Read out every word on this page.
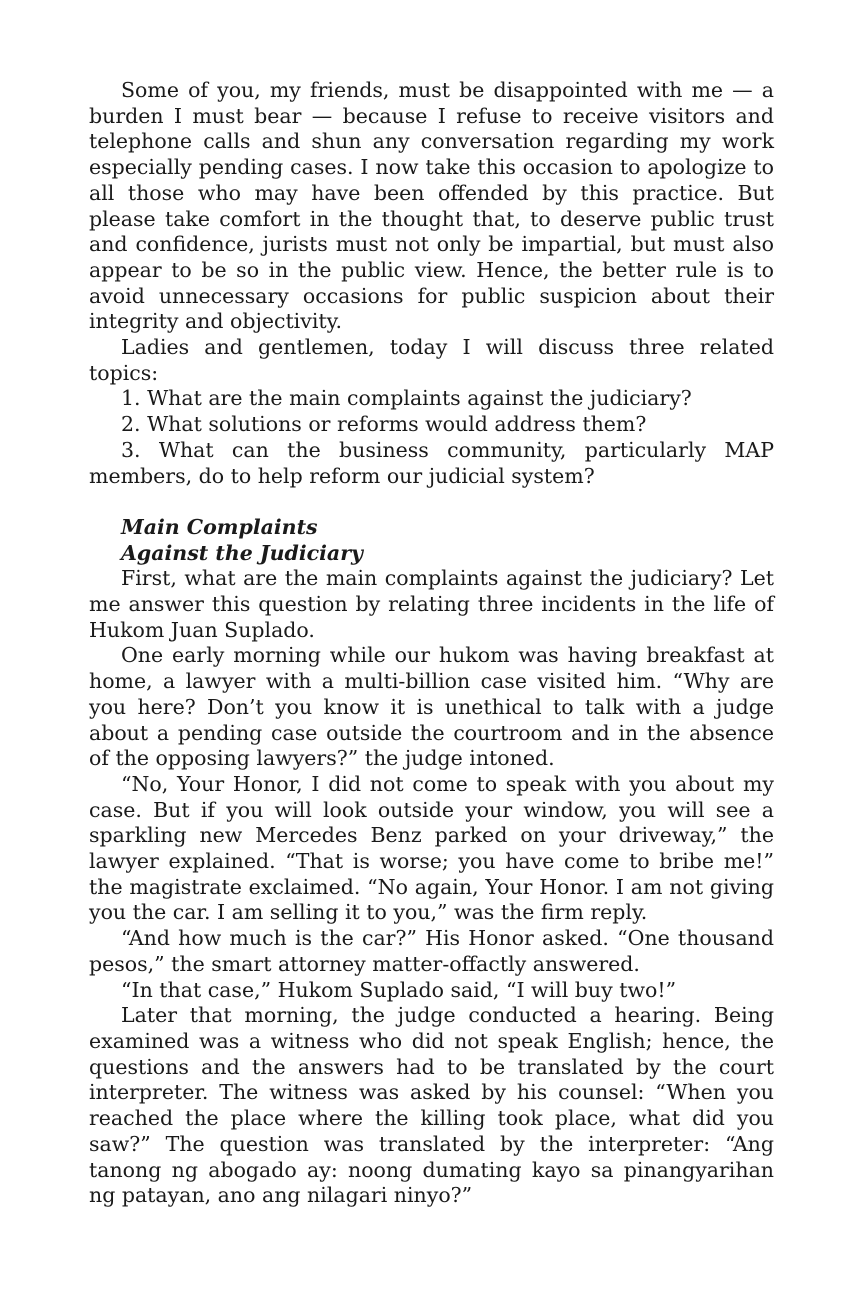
Some of you, my friends, must be disappointed with me — a burden I must bear — because I refuse to receive visitors and telephone calls and shun any conversation regarding my work especially pending cases. I now take this occasion to apologize to all those who may have been offended by this practice. But please take comfort in the thought that, to deserve public trust and confidence, jurists must not only be impartial, but must also appear to be so in the public view. Hence, the better rule is to avoid unnecessary occasions for public suspicion about their integrity and objectivity.

Ladies and gentlemen, today I will discuss three related topics:

1. What are the main complaints against the judiciary?

2. What solutions or reforms would address them?

3. What can the business community, particularly MAP members, do to help reform our judicial system?

Main Complaints
Against the Judiciary

First, what are the main complaints against the judiciary? Let me answer this question by relating three incidents in the life of Hukom Juan Suplado.

One early morning while our hukom was having breakfast at home, a lawyer with a multi-billion case visited him. “Why are you here? Don’t you know it is unethical to talk with a judge about a pending case outside the courtroom and in the absence of the opposing lawyers?” the judge intoned.

“No, Your Honor, I did not come to speak with you about my case. But if you will look outside your window, you will see a sparkling new Mercedes Benz parked on your driveway,” the lawyer explained. “That is worse; you have come to bribe me!” the magistrate exclaimed. “No again, Your Honor. I am not giving you the car. I am selling it to you,” was the firm reply.

“And how much is the car?” His Honor asked. “One thousand pesos,” the smart attorney matter-offactly answered.

“In that case,” Hukom Suplado said, “I will buy two!”

Later that morning, the judge conducted a hearing. Being examined was a witness who did not speak English; hence, the questions and the answers had to be translated by the court interpreter. The witness was asked by his counsel: “When you reached the place where the killing took place, what did you saw?” The question was translated by the interpreter: “Ang tanong ng abogado ay: noong dumating kayo sa pinangyarihan ng patayan, ano ang nilagari ninyo?”
